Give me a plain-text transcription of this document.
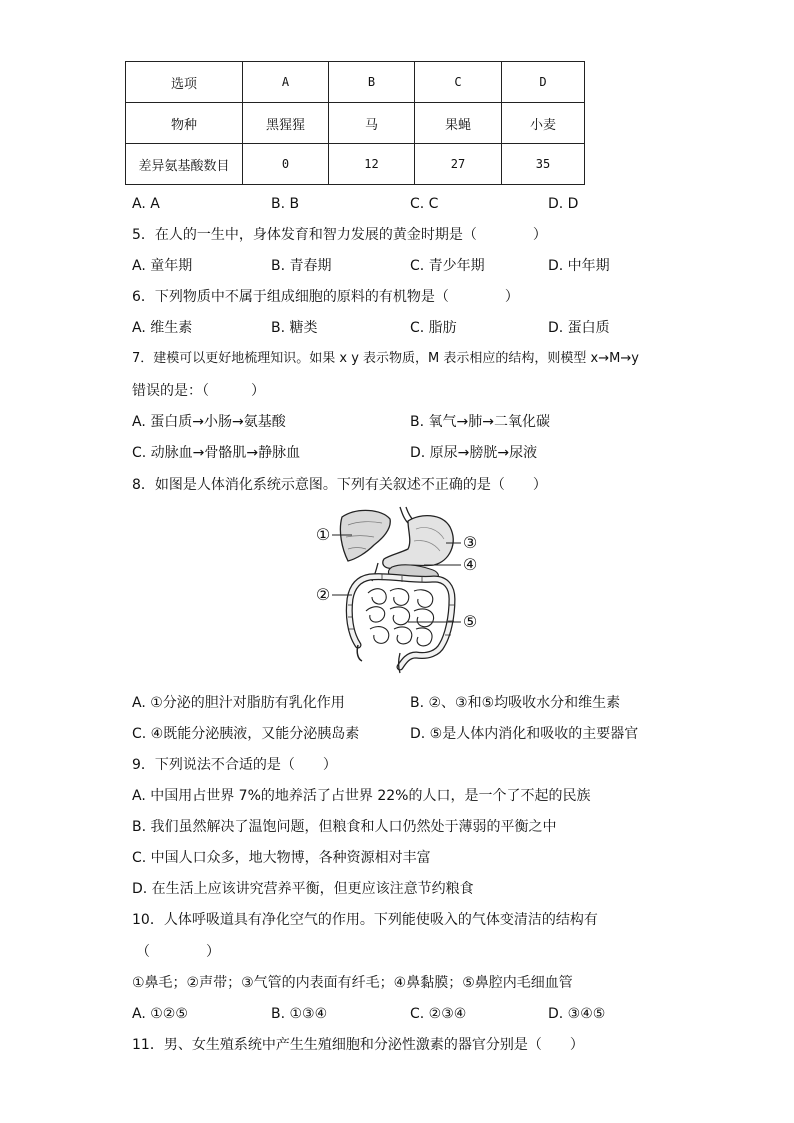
选项	A	B	C	D
物种	黑猩猩	马	果蝇	小麦
差异氨基酸数目	0	12	27	35
A. A	B. B	C. C	D. D
5．在人的一生中，身体发育和智力发展的黄金时期是（　　　　）
A. 童年期	B. 青春期	C. 青少年期	D. 中年期
6．下列物质中不属于组成细胞的原料的有机物是（　　　　）
A. 维生素	B. 糖类	C. 脂肪	D. 蛋白质
7．建模可以更好地梳理知识。如果 x y 表示物质，M 表示相应的结构，则模型 x→M→y
错误的是：（　　　）
A. 蛋白质→小肠→氨基酸	B. 氧气→肺→二氧化碳
C. 动脉血→骨骼肌→静脉血	D. 原尿→膀胱→尿液
8．如图是人体消化系统示意图。下列有关叙述不正确的是（　　）
①
②
③
④
⑤
A. ①分泌的胆汁对脂肪有乳化作用	B. ②、③和⑤均吸收水分和维生素
C. ④既能分泌胰液，又能分泌胰岛素	D. ⑤是人体内消化和吸收的主要器官
9．下列说法不合适的是（　　）
A. 中国用占世界 7%的地养活了占世界 22%的人口，是一个了不起的民族
B. 我们虽然解决了温饱问题，但粮食和人口仍然处于薄弱的平衡之中
C. 中国人口众多，地大物博，各种资源相对丰富
D. 在生活上应该讲究营养平衡，但更应该注意节约粮食
10．人体呼吸道具有净化空气的作用。下列能使吸入的气体变清洁的结构有
（　　　　）
①鼻毛；②声带；③气管的内表面有纤毛；④鼻黏膜；⑤鼻腔内毛细血管
A. ①②⑤	B. ①③④	C. ②③④	D. ③④⑤
11．男、女生殖系统中产生生殖细胞和分泌性激素的器官分别是（　　）
